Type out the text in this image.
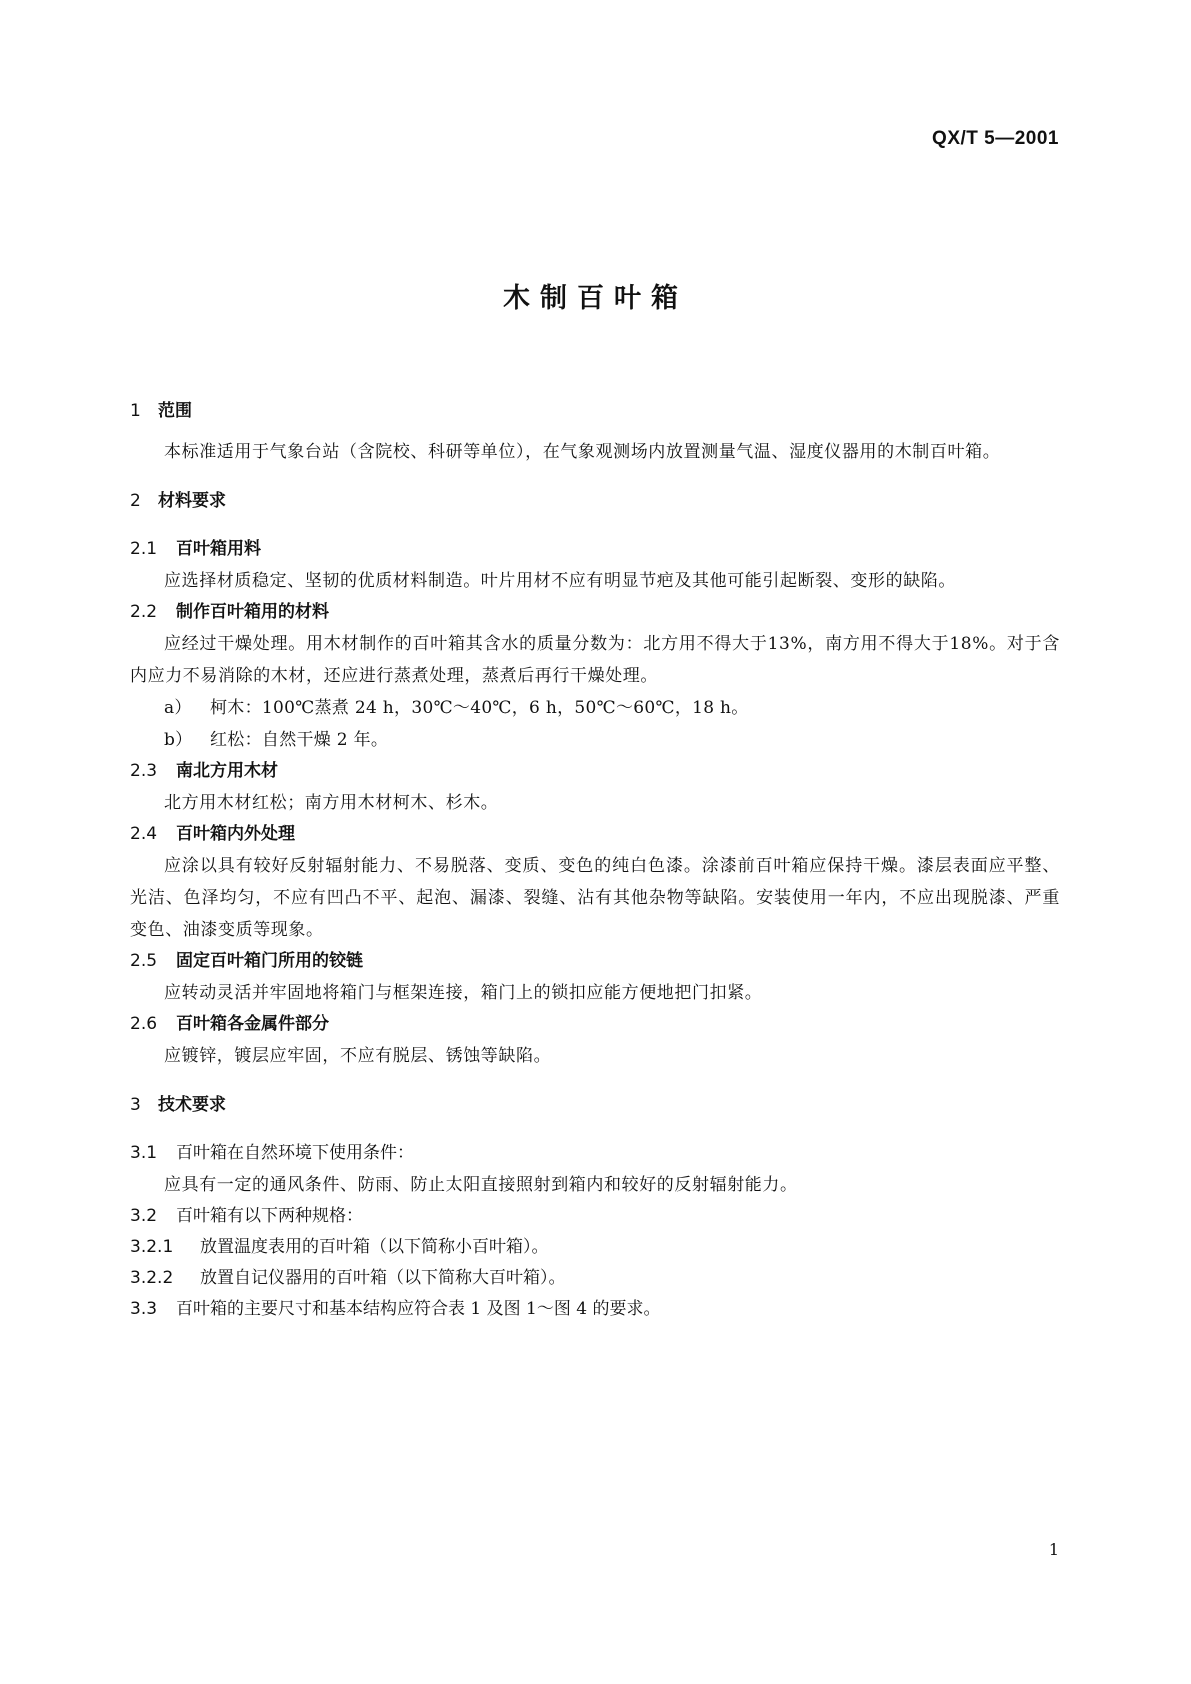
QX/T 5—2001
木制百叶箱
1 范围
本标准适用于气象台站（含院校、科研等单位），在气象观测场内放置测量气温、湿度仪器用的木制百叶箱。
2 材料要求
2.1 百叶箱用料
应选择材质稳定、坚韧的优质材料制造。叶片用材不应有明显节疤及其他可能引起断裂、变形的缺陷。
2.2 制作百叶箱用的材料
应经过干燥处理。用木材制作的百叶箱其含水的质量分数为：北方用不得大于13%，南方用不得大于18%。对于含内应力不易消除的木材，还应进行蒸煮处理，蒸煮后再行干燥处理。
a） 柯木：100℃蒸煮 24 h，30℃～40℃，6 h，50℃～60℃，18 h。
b） 红松：自然干燥 2 年。
2.3 南北方用木材
北方用木材红松；南方用木材柯木、杉木。
2.4 百叶箱内外处理
应涂以具有较好反射辐射能力、不易脱落、变质、变色的纯白色漆。涂漆前百叶箱应保持干燥。漆层表面应平整、光洁、色泽均匀，不应有凹凸不平、起泡、漏漆、裂缝、沾有其他杂物等缺陷。安装使用一年内，不应出现脱漆、严重变色、油漆变质等现象。
2.5 固定百叶箱门所用的铰链
应转动灵活并牢固地将箱门与框架连接，箱门上的锁扣应能方便地把门扣紧。
2.6 百叶箱各金属件部分
应镀锌，镀层应牢固，不应有脱层、锈蚀等缺陷。
3 技术要求
3.1 百叶箱在自然环境下使用条件：
应具有一定的通风条件、防雨、防止太阳直接照射到箱内和较好的反射辐射能力。
3.2 百叶箱有以下两种规格：
3.2.1 放置温度表用的百叶箱（以下简称小百叶箱）。
3.2.2 放置自记仪器用的百叶箱（以下简称大百叶箱）。
3.3 百叶箱的主要尺寸和基本结构应符合表 1 及图 1～图 4 的要求。
1
